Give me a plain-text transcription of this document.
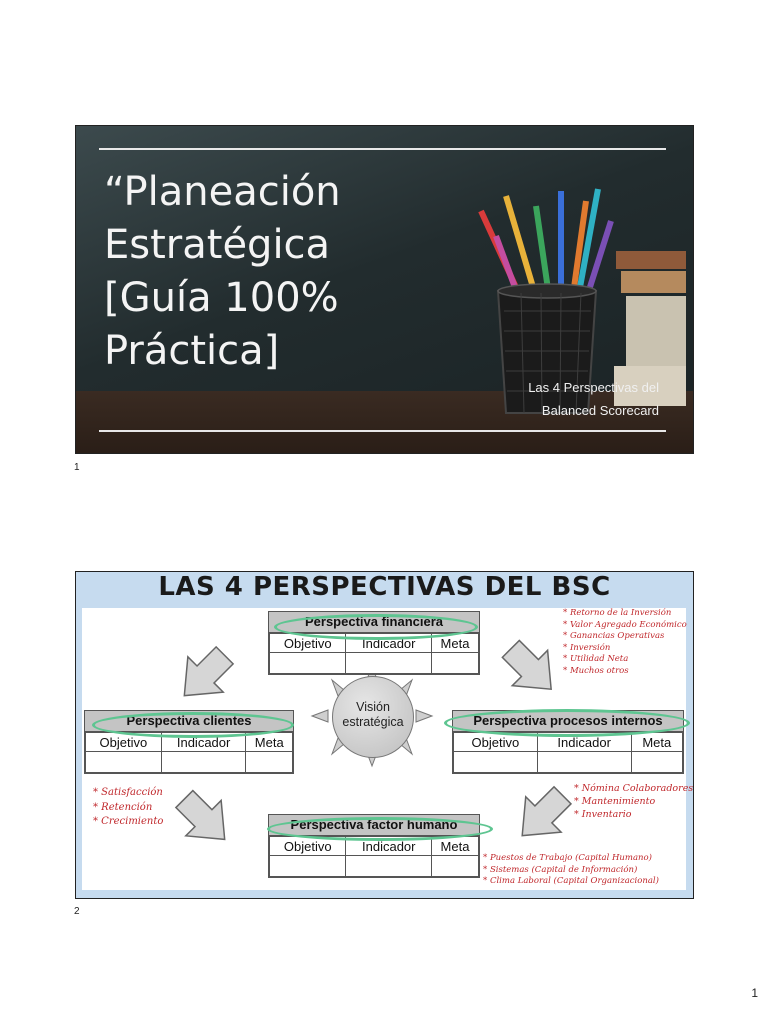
“Planeación
Estratégica
[Guía 100%
Práctica]
Las 4 Perspectivas del
Balanced Scorecard
1
LAS 4 PERSPECTIVAS DEL BSC
Visión
estratégica
Perspectiva financiera
Objetivo	Indicador	Meta

Perspectiva clientes
Objetivo	Indicador	Meta

Perspectiva procesos internos
Objetivo	Indicador	Meta

Perspectiva factor humano
Objetivo	Indicador	Meta

* Retorno de la Inversión
* Valor Agregado Económico
* Ganancias Operativas
* Inversión
* Utilidad Neta
* Muchos otros
* Satisfacción
* Retención
* Crecimiento
* Nómina Colaboradores
* Mantenimiento
* Inventario
* Puestos de Trabajo (Capital Humano)
* Sistemas (Capital de Información)
* Clima Laboral (Capital Organizacional)
2
1
